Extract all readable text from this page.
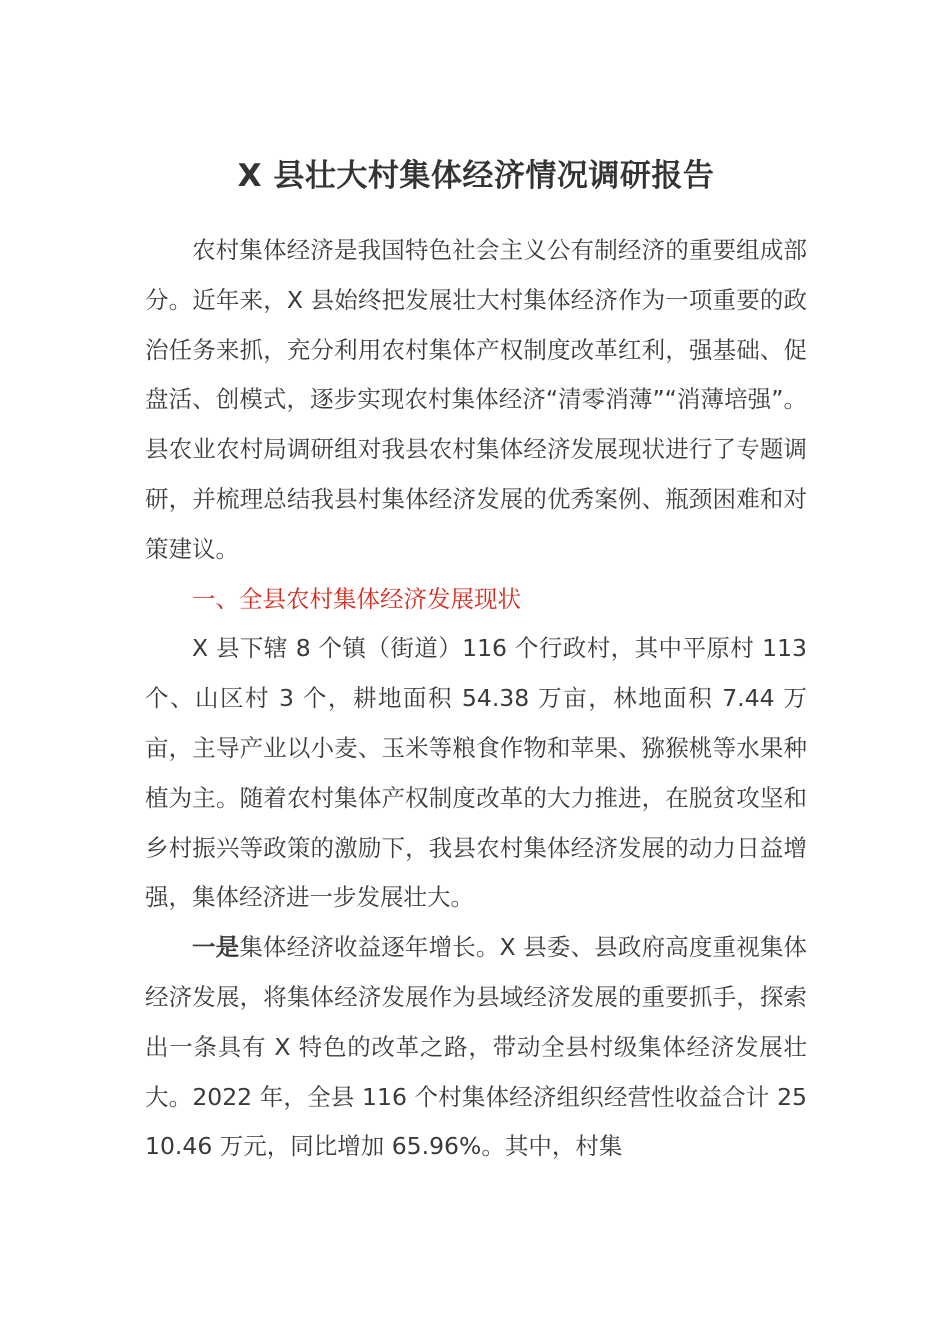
X 县壮大村集体经济情况调研报告

农村集体经济是我国特色社会主义公有制经济的重要组成部分。近年来，X 县始终把发展壮大村集体经济作为一项重要的政治任务来抓，充分利用农村集体产权制度改革红利，强基础、促盘活、创模式，逐步实现农村集体经济“清零消薄”“消薄培强”。县农业农村局调研组对我县农村集体经济发展现状进行了专题调研，并梳理总结我县村集体经济发展的优秀案例、瓶颈困难和对策建议。

一、全县农村集体经济发展现状

X 县下辖 8 个镇（街道）116 个行政村，其中平原村 113 个、山区村 3 个，耕地面积 54.38 万亩，林地面积 7.44 万亩，主导产业以小麦、玉米等粮食作物和苹果、猕猴桃等水果种植为主。随着农村集体产权制度改革的大力推进，在脱贫攻坚和乡村振兴等政策的激励下，我县农村集体经济发展的动力日益增强，集体经济进一步发展壮大。

一是集体经济收益逐年增长。X 县委、县政府高度重视集体经济发展，将集体经济发展作为县域经济发展的重要抓手，探索出一条具有 X 特色的改革之路，带动全县村级集体经济发展壮大。2022 年，全县 116 个村集体经济组织经营性收益合计 2510.46 万元，同比增加 65.96%。其中，村集
